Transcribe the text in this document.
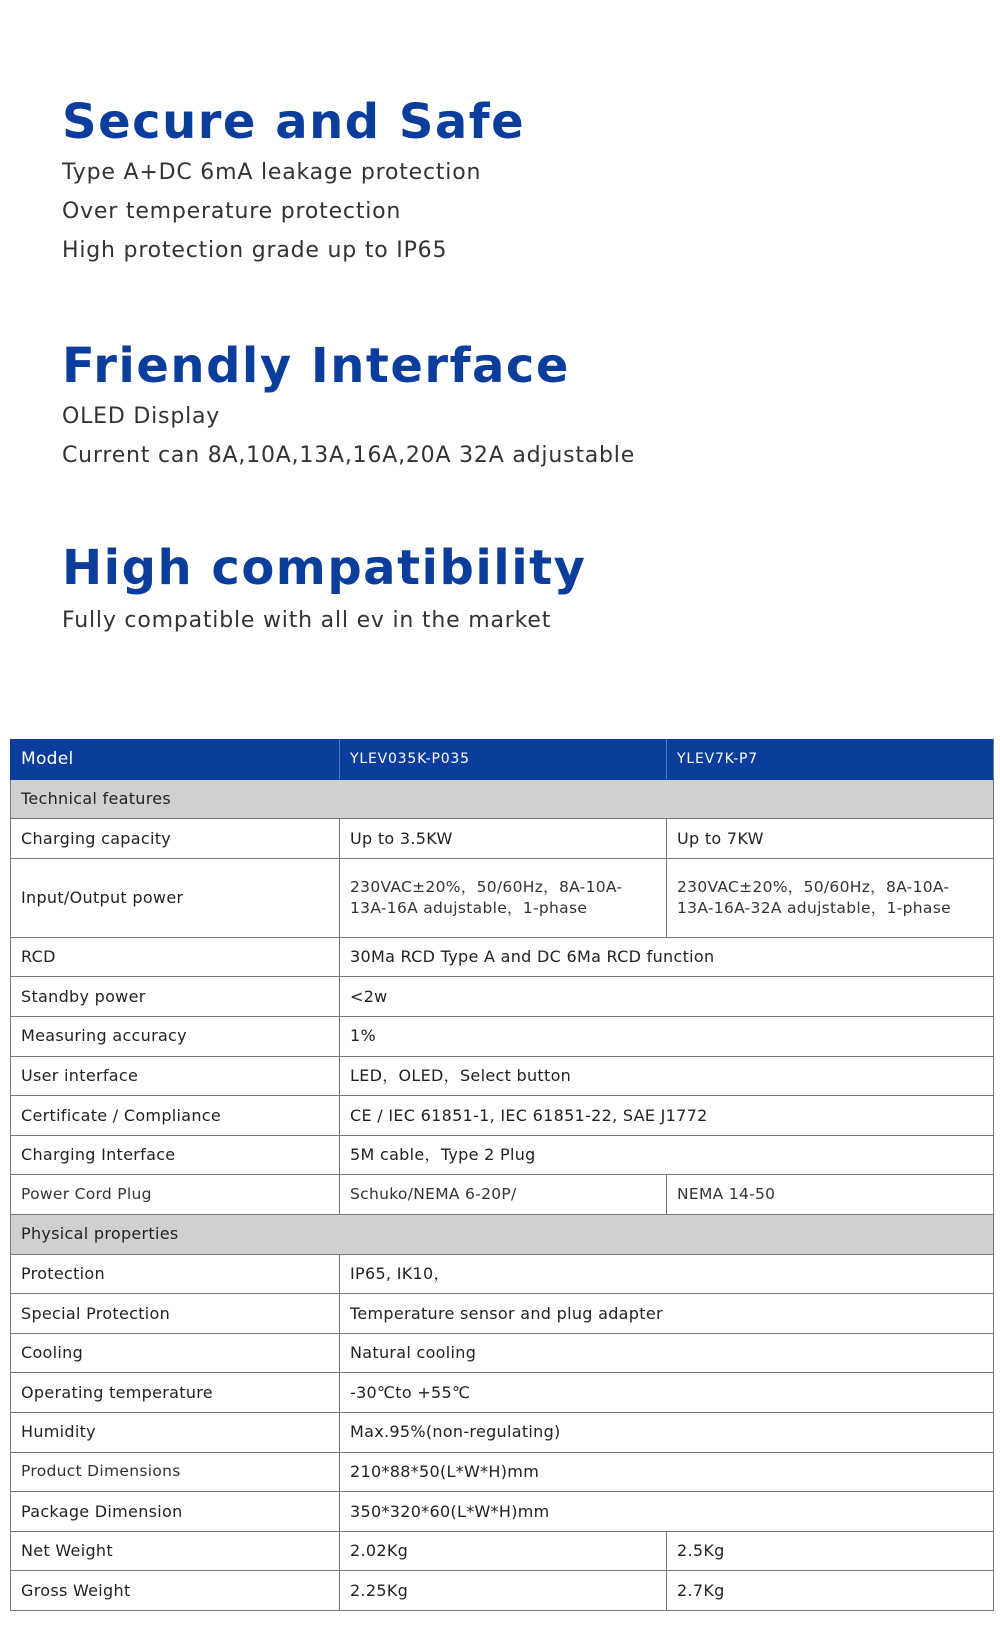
Secure and Safe

Type A+DC 6mA leakage protection

Over temperature protection

High protection grade up to IP65

Friendly Interface

OLED Display

Current can 8A,10A,13A,16A,20A 32A adjustable

High compatibility

Fully compatible with all ev in the market

Model	YLEV035K-P035	YLEV7K-P7
Technical features		
Charging capacity	Up to 3.5KW	Up to 7KW
Input/Output power	230VAC±20%，50/60Hz，8A-10A-13A-16A adujstable，1-phase	230VAC±20%，50/60Hz，8A-10A-13A-16A-32A adujstable，1-phase
RCD	30Ma RCD Type A and DC 6Ma RCD function	
Standby power	<2w	
Measuring accuracy	1%	
User interface	LED，OLED，Select button	
Certificate / Compliance	CE / IEC 61851-1, IEC 61851-22, SAE J1772	
Charging Interface	5M cable，Type 2 Plug	
Power Cord Plug	Schuko/NEMA 6-20P/	NEMA 14-50
Physical properties		
Protection	IP65, IK10，	
Special Protection	Temperature sensor and plug adapter	
Cooling	Natural cooling	
Operating temperature	-30℃to +55℃	
Humidity	Max.95%(non-regulating)	
Product Dimensions	210*88*50(L*W*H)mm	
Package Dimension	350*320*60(L*W*H)mm	
Net Weight	2.02Kg	2.5Kg
Gross Weight	2.25Kg	2.7Kg
